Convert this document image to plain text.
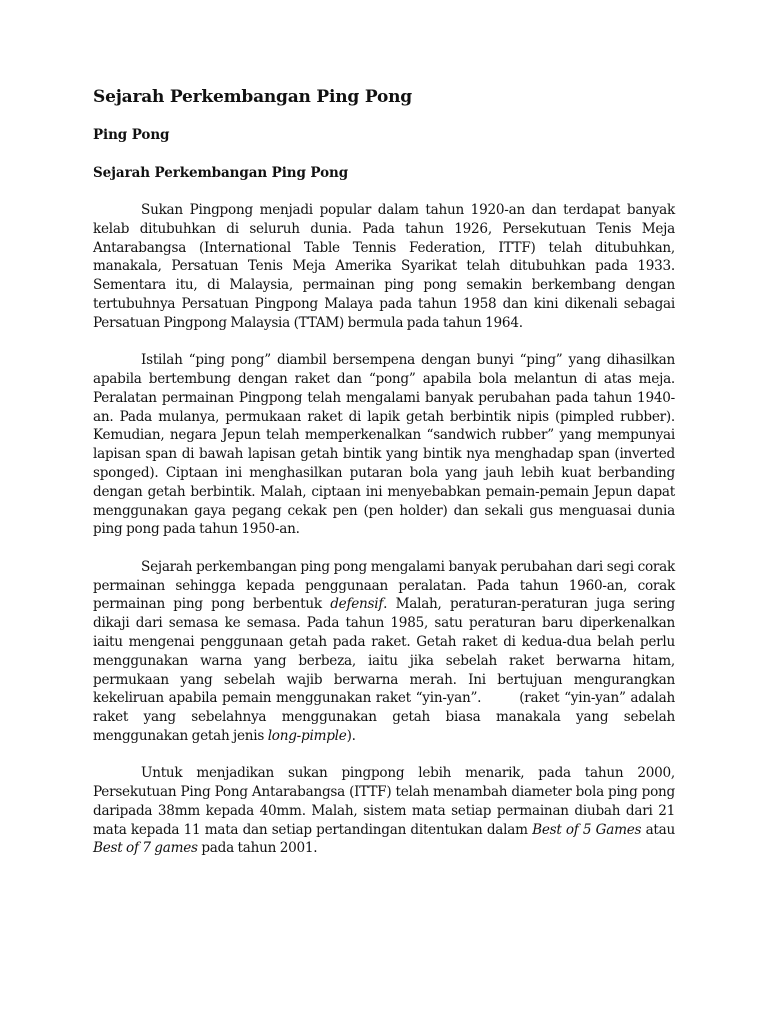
Sejarah Perkembangan Ping Pong
Ping Pong
Sejarah Perkembangan Ping Pong

Sukan Pingpong menjadi popular dalam tahun 1920-an dan terdapat banyak kelab ditubuhkan di seluruh dunia. Pada tahun 1926, Persekutuan Tenis Meja Antarabangsa (International Table Tennis Federation, ITTF) telah ditubuhkan, manakala, Persatuan Tenis Meja Amerika Syarikat telah ditubuhkan pada 1933. Sementara itu, di Malaysia, permainan ping pong semakin berkembang dengan tertubuhnya Persatuan Pingpong Malaya pada tahun 1958 dan kini dikenali sebagai Persatuan Pingpong Malaysia (TTAM) bermula pada tahun 1964.

Istilah “ping pong” diambil bersempena dengan bunyi “ping” yang dihasilkan apabila bertembung dengan raket dan “pong” apabila bola melantun di atas meja. Peralatan permainan Pingpong telah mengalami banyak perubahan pada tahun 1940-an. Pada mulanya, permukaan raket di lapik getah berbintik nipis (pimpled rubber). Kemudian, negara Jepun telah memperkenalkan “sandwich rubber” yang mempunyai lapisan span di bawah lapisan getah bintik yang bintik nya menghadap span (inverted sponged). Ciptaan ini menghasilkan putaran bola yang jauh lebih kuat berbanding dengan getah berbintik. Malah, ciptaan ini menyebabkan pemain-pemain Jepun dapat menggunakan gaya pegang cekak pen (pen holder) dan sekali gus menguasai dunia ping pong pada tahun 1950-an.

Sejarah perkembangan ping pong mengalami banyak perubahan dari segi corak permainan sehingga kepada penggunaan peralatan. Pada tahun 1960-an, corak permainan ping pong berbentuk defensif. Malah, peraturan-peraturan juga sering dikaji dari semasa ke semasa. Pada tahun 1985, satu peraturan baru diperkenalkan iaitu mengenai penggunaan getah pada raket. Getah raket di kedua-dua belah perlu menggunakan warna yang berbeza, iaitu jika sebelah raket berwarna hitam, permukaan yang sebelah wajib berwarna merah. Ini bertujuan mengurangkan kekeliruan apabila pemain menggunakan raket “yin-yan”.	(raket “yin-yan” adalah raket yang sebelahnya menggunakan getah biasa manakala yang sebelah menggunakan getah jenis long-pimple).

Untuk menjadikan sukan pingpong lebih menarik, pada tahun 2000, Persekutuan Ping Pong Antarabangsa (ITTF) telah menambah diameter bola ping pong daripada 38mm kepada 40mm. Malah, sistem mata setiap permainan diubah dari 21 mata kepada 11 mata dan setiap pertandingan ditentukan dalam Best of 5 Games atau Best of 7 games pada tahun 2001.
